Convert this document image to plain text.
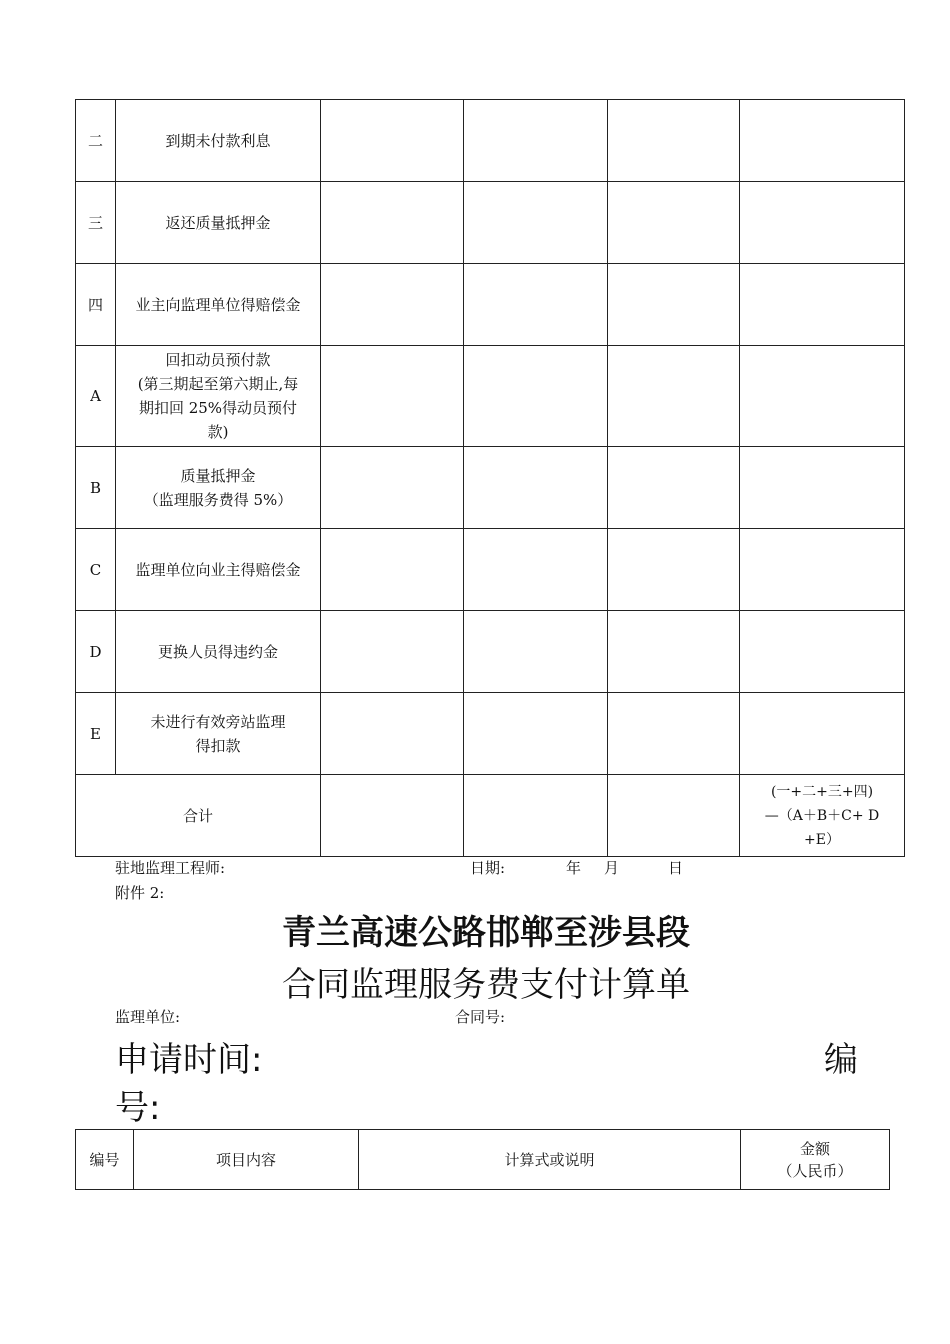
二	到期未付款利息				
三	返还质量抵押金				
四	业主向监理单位得赔偿金				
A	回扣动员预付款
(第三期起至第六期止,每
期扣回 25%得动员预付
款)				

B	质量抵押金
（监理服务费得 5%）				

C	监理单位向业主得赔偿金				
D	更换人员得违约金				
E	未进行有效旁站监理
得扣款				

合计					(一+二+三+四)
—（A＋B＋C+ D
+E）
驻地监理工程师:	日期:	年 月	日
附件 2:
青兰高速公路邯郸至涉县段
合同监理服务费支付计算单
监理单位:	合同号:
申请时间:	编
号:
编号	项目内容	计算式或说明	
金额
（人民币）
